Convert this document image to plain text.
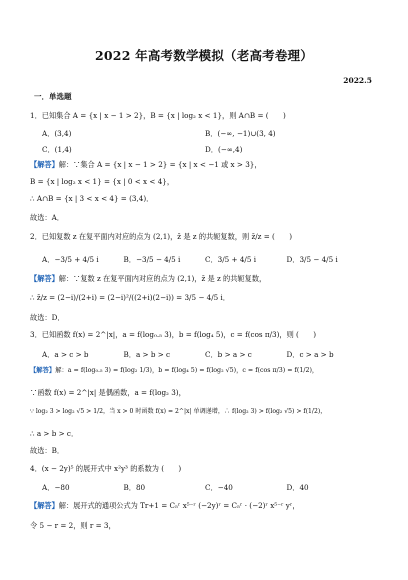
2022 年高考数学模拟（老高考卷理）
2022.5
一．单选题
1．已知集合 A = {x | x − 1 > 2}，B = {x | log₂ x < 1}，则 A∩B = (　　)
A．(3,4)	B．(−∞, −1)∪(3, 4)
C．(1,4)	D．(−∞,4)
【解答】解：∵集合 A = {x | x − 1 > 2} = {x | x < −1 或 x > 3}，
B = {x | log₂ x < 1} = {x | 0 < x < 4}，
∴ A∩B = {x | 3 < x < 4} = (3,4)．
故选：A．
2．已知复数 z 在复平面内对应的点为 (2,1)，z̄ 是 z 的共轭复数，则 z̄/z = (　　)
A．−3/5 + 4/5 i	B．−3/5 − 4/5 i	C．3/5 + 4/5 i	D．3/5 − 4/5 i
【解答】解：∵复数 z 在复平面内对应的点为 (2,1)，z̄ 是 z 的共轭复数，
∴ z̄/z = (2−i)/(2+i) = (2−i)²/((2+i)(2−i)) = 3/5 − 4/5 i．
故选：D．
3．已知函数 f(x) = 2^|x|，a = f(log₀.₅ 3)，b = f(log₄ 5)，c = f(cos π/3)，则 (　　)
A．a > c > b	B．a > b > c	C．b > a > c	D．c > a > b
【解答】解：a = f(log₀.₅ 3) = f(log₂ 1/3)，b = f(log₄ 5) = f(log₂ √5)，c = f(cos π/3) = f(1/2)，
∵函数 f(x) = 2^|x| 是偶函数，a = f(log₂ 3)，
∵ log₂ 3 > log₂ √5 > 1/2，当 x > 0 时函数 f(x) = 2^|x| 单调递增，∴ f(log₂ 3) > f(log₂ √5) > f(1/2)，
∴ a > b > c．
故选：B．
4．(x − 2y)⁵ 的展开式中 x²y³ 的系数为 (　　)
A．−80	B．80	C．−40	D．40
【解答】解：展开式的通项公式为 Tr+1 = C₅ʳ x⁵⁻ʳ (−2y)ʳ = C₅ʳ · (−2)ʳ x⁵⁻ʳ yʳ，
令 5 − r = 2，则 r = 3，
